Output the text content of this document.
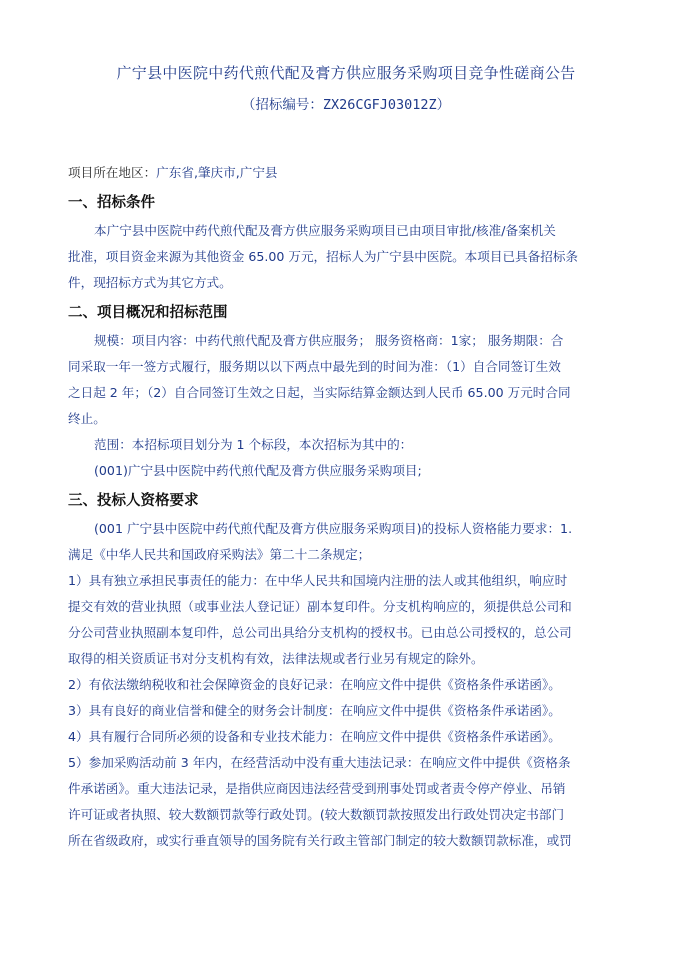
广宁县中医院中药代煎代配及膏方供应服务采购项目竞争性磋商公告
（招标编号：ZX26CGFJ03012Z）
项目所在地区：广东省,肇庆市,广宁县
一、招标条件
本广宁县中医院中药代煎代配及膏方供应服务采购项目已由项目审批/核准/备案机关
批准，项目资金来源为其他资金 65.00 万元，招标人为广宁县中医院。本项目已具备招标条
件，现招标方式为其它方式。
二、项目概况和招标范围
规模：项目内容：中药代煎代配及膏方供应服务； 服务资格商：1家； 服务期限：合
同采取一年一签方式履行，服务期以以下两点中最先到的时间为准：（1）自合同签订生效
之日起 2 年；（2）自合同签订生效之日起，当实际结算金额达到人民币 65.00 万元时合同
终止。
范围：本招标项目划分为 1 个标段，本次招标为其中的：
(001)广宁县中医院中药代煎代配及膏方供应服务采购项目;
三、投标人资格要求
(001 广宁县中医院中药代煎代配及膏方供应服务采购项目)的投标人资格能力要求：1.
满足《中华人民共和国政府采购法》第二十二条规定；
1）具有独立承担民事责任的能力：在中华人民共和国境内注册的法人或其他组织，响应时
提交有效的营业执照（或事业法人登记证）副本复印件。分支机构响应的，须提供总公司和
分公司营业执照副本复印件，总公司出具给分支机构的授权书。已由总公司授权的，总公司
取得的相关资质证书对分支机构有效，法律法规或者行业另有规定的除外。
2）有依法缴纳税收和社会保障资金的良好记录：在响应文件中提供《资格条件承诺函》。
3）具有良好的商业信誉和健全的财务会计制度：在响应文件中提供《资格条件承诺函》。
4）具有履行合同所必须的设备和专业技术能力：在响应文件中提供《资格条件承诺函》。
5）参加采购活动前 3 年内，在经营活动中没有重大违法记录：在响应文件中提供《资格条
件承诺函》。重大违法记录，是指供应商因违法经营受到刑事处罚或者责令停产停业、吊销
许可证或者执照、较大数额罚款等行政处罚。(较大数额罚款按照发出行政处罚决定书部门
所在省级政府，或实行垂直领导的国务院有关行政主管部门制定的较大数额罚款标准，或罚
